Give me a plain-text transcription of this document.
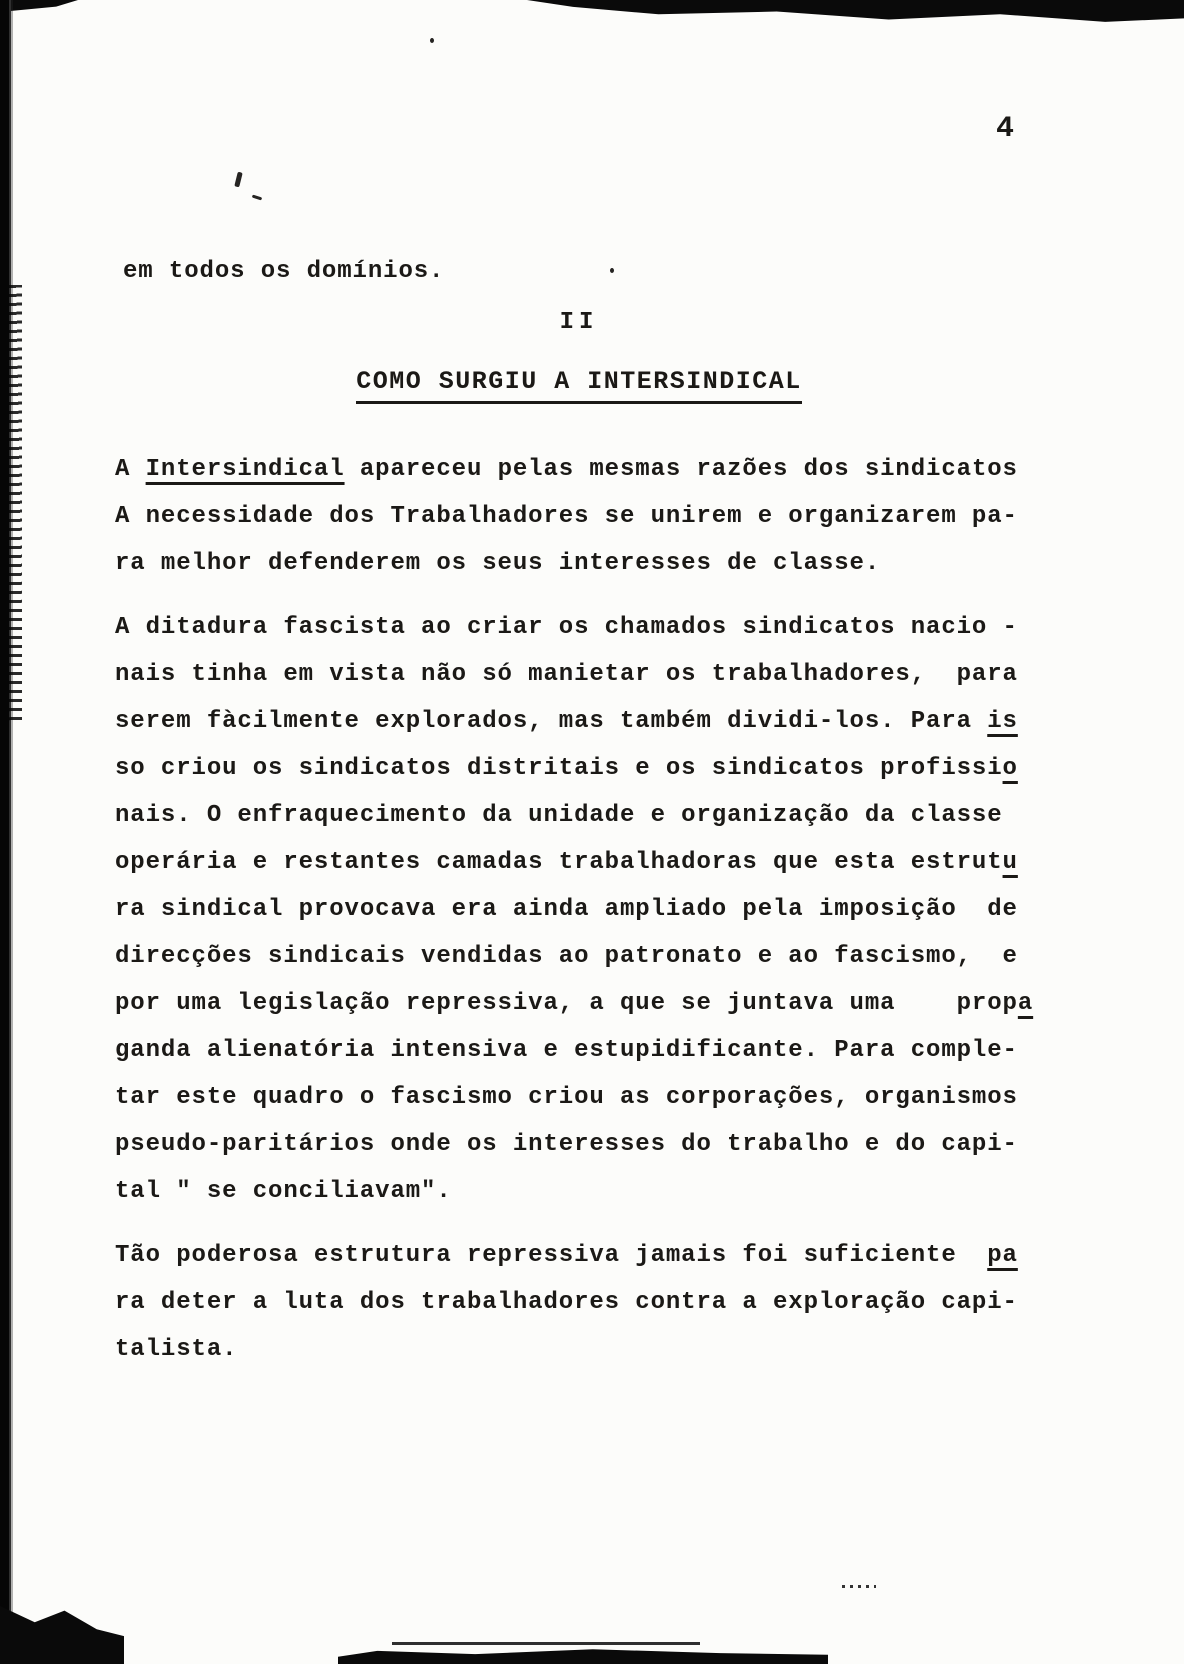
4
em todos os domínios.
II
COMO SURGIU A INTERSINDICAL
A Intersindical apareceu pelas mesmas razões dos sindicatos
A necessidade dos Trabalhadores se unirem e organizarem pa-
ra melhor defenderem os seus interesses de classe.
A ditadura fascista ao criar os chamados sindicatos nacio -
nais tinha em vista não só manietar os trabalhadores,  para
serem fàcilmente explorados, mas também dividi-los. Para is
so criou os sindicatos distritais e os sindicatos profissio
nais. O enfraquecimento da unidade e organização da classe
operária e restantes camadas trabalhadoras que esta estrutu
ra sindical provocava era ainda ampliado pela imposição  de
direcções sindicais vendidas ao patronato e ao fascismo,  e
por uma legislação repressiva, a que se juntava uma    propa
ganda alienatória intensiva e estupidificante. Para comple-
tar este quadro o fascismo criou as corporações, organismos
pseudo-paritários onde os interesses do trabalho e do capi-
tal " se conciliavam".
Tão poderosa estrutura repressiva jamais foi suficiente  pa
ra deter a luta dos trabalhadores contra a exploração capi-
talista.
